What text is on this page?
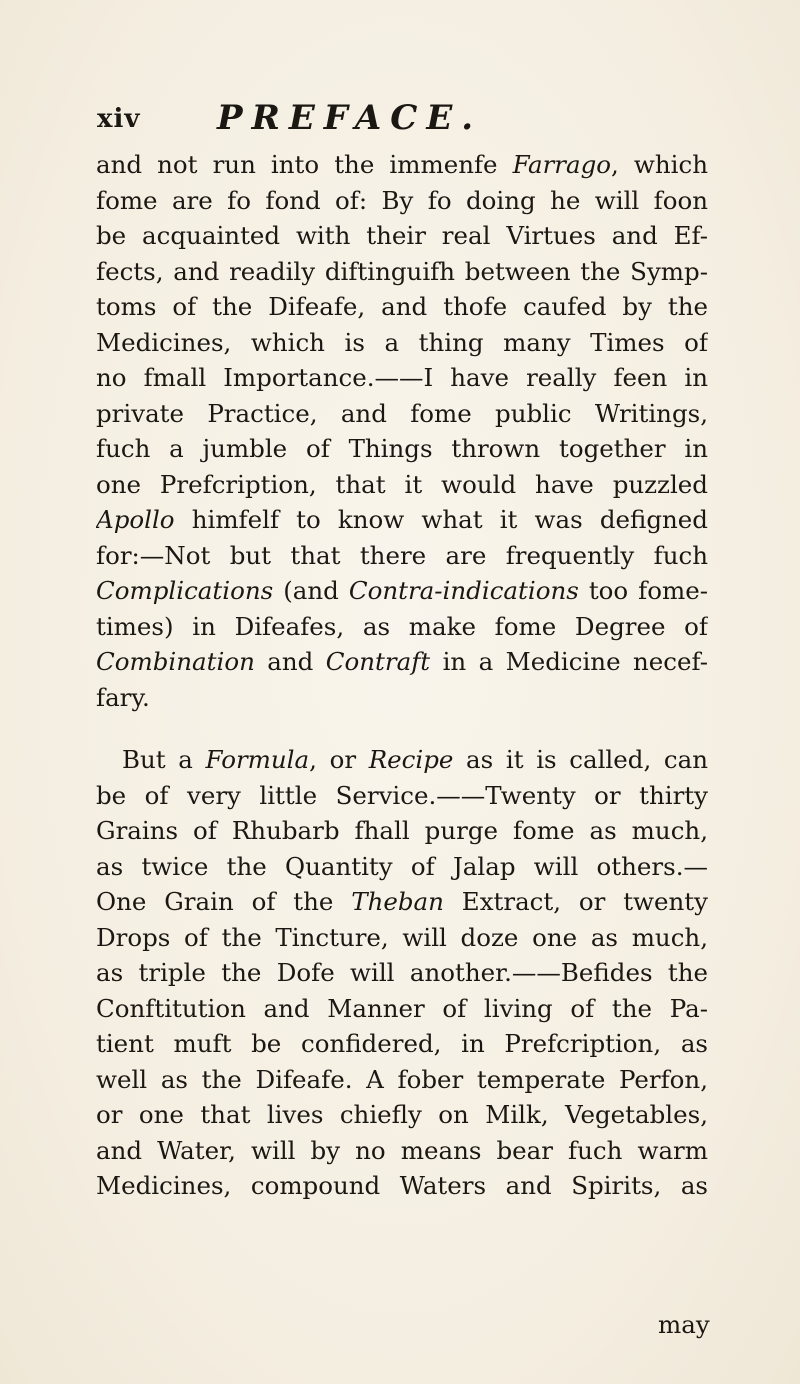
xiv PREFACE.
and not run into the immenfe Farrago, which
fome are fo fond of: By fo doing he will foon
be acquainted with their real Virtues and Ef-
fects, and readily diftinguifh between the Symp-
toms of the Difeafe, and thofe caufed by the
Medicines, which is a thing many Times of
no fmall Importance.——I have really feen in
private Practice, and fome public Writings,
fuch a jumble of Things thrown together in
one Prefcription, that it would have puzzled
Apollo himfelf to know what it was defigned
for:—Not but that there are frequently fuch
Complications (and Contra-indications too fome-
times) in Difeafes, as make fome Degree of
Combination and Contraft in a Medicine necef-
fary.
But a Formula, or Recipe as it is called, can
be of very little Service.——Twenty or thirty
Grains of Rhubarb fhall purge fome as much,
as twice the Quantity of Jalap will others.—
One Grain of the Theban Extract, or twenty
Drops of the Tincture, will doze one as much,
as triple the Dofe will another.——Befides the
Conftitution and Manner of living of the Pa-
tient muft be confidered, in Prefcription, as
well as the Difeafe. A fober temperate Perfon,
or one that lives chiefly on Milk, Vegetables,
and Water, will by no means bear fuch warm
Medicines, compound Waters and Spirits, as
may
